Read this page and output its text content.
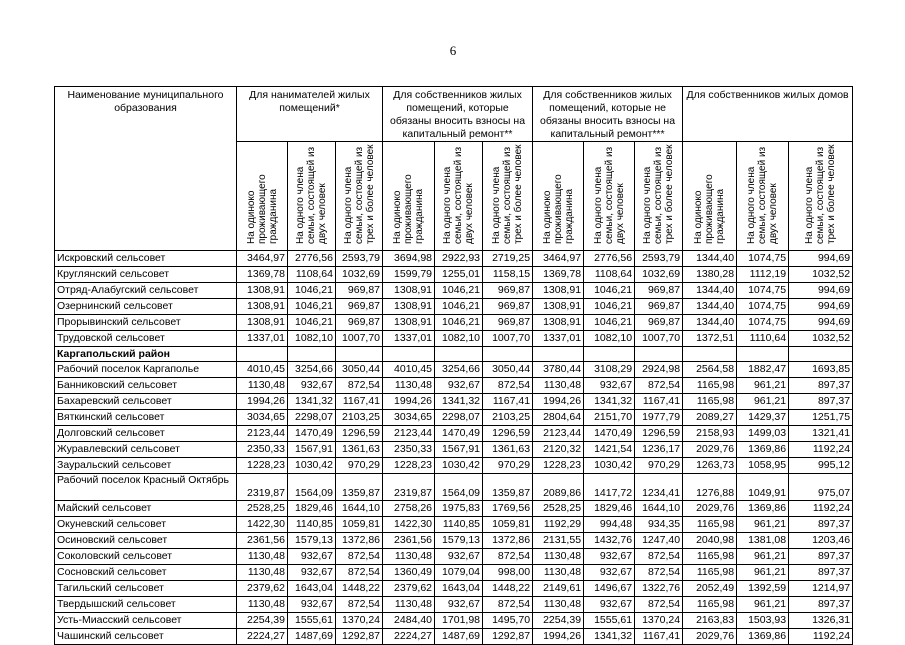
6
Наименование муниципального образования	Для нанимателей жилых помещений*			Для собственников жилых помещений, которые обязаны вносить взносы на капитальный ремонт**			Для собственников жилых помещений, которые не обязаны вносить взносы на капитальный ремонт***			Для собственников жилых домов		
	На одиноко проживающего гражданина	На одного члена семьи, состоящей из двух человек	На одного члена семьи, состоящей из трех и более человек	На одиноко проживающего гражданина	На одного члена семьи, состоящей из двух человек	На одного члена семьи, состоящей из трех и более человек	На одиноко проживающего гражданина	На одного члена семьи, состоящей из двух человек	На одного члена семьи, состоящей из трех и более человек	На одиноко проживающего гражданина	На одного члена семьи, состоящей из двух человек	На одного члена семьи, состоящей из трех и более человек
Искровский сельсовет	3464,97	2776,56	2593,79	3694,98	2922,93	2719,25	3464,97	2776,56	2593,79	1344,40	1074,75	994,69
Круглянский сельсовет	1369,78	1108,64	1032,69	1599,79	1255,01	1158,15	1369,78	1108,64	1032,69	1380,28	1112,19	1032,52
Отряд-Алабугский сельсовет	1308,91	1046,21	969,87	1308,91	1046,21	969,87	1308,91	1046,21	969,87	1344,40	1074,75	994,69
Озернинский сельсовет	1308,91	1046,21	969,87	1308,91	1046,21	969,87	1308,91	1046,21	969,87	1344,40	1074,75	994,69
Прорывинский сельсовет	1308,91	1046,21	969,87	1308,91	1046,21	969,87	1308,91	1046,21	969,87	1344,40	1074,75	994,69
Трудовской сельсовет	1337,01	1082,10	1007,70	1337,01	1082,10	1007,70	1337,01	1082,10	1007,70	1372,51	1110,64	1032,52
Каргапольский район												
Рабочий поселок Каргаполье	4010,45	3254,66	3050,44	4010,45	3254,66	3050,44	3780,44	3108,29	2924,98	2564,58	1882,47	1693,85
Банниковский сельсовет	1130,48	932,67	872,54	1130,48	932,67	872,54	1130,48	932,67	872,54	1165,98	961,21	897,37
Бахаревский сельсовет	1994,26	1341,32	1167,41	1994,26	1341,32	1167,41	1994,26	1341,32	1167,41	1165,98	961,21	897,37
Вяткинский сельсовет	3034,65	2298,07	2103,25	3034,65	2298,07	2103,25	2804,64	2151,70	1977,79	2089,27	1429,37	1251,75
Долговский сельсовет	2123,44	1470,49	1296,59	2123,44	1470,49	1296,59	2123,44	1470,49	1296,59	2158,93	1499,03	1321,41
Журавлевский сельсовет	2350,33	1567,91	1361,63	2350,33	1567,91	1361,63	2120,32	1421,54	1236,17	2029,76	1369,86	1192,24
Зауральский сельсовет	1228,23	1030,42	970,29	1228,23	1030,42	970,29	1228,23	1030,42	970,29	1263,73	1058,95	995,12
Рабочий поселок Красный Октябрь	2319,87	1564,09	1359,87	2319,87	1564,09	1359,87	2089,86	1417,72	1234,41	1276,88	1049,91	975,07
Майский сельсовет	2528,25	1829,46	1644,10	2758,26	1975,83	1769,56	2528,25	1829,46	1644,10	2029,76	1369,86	1192,24
Окуневский сельсовет	1422,30	1140,85	1059,81	1422,30	1140,85	1059,81	1192,29	994,48	934,35	1165,98	961,21	897,37
Осиновский сельсовет	2361,56	1579,13	1372,86	2361,56	1579,13	1372,86	2131,55	1432,76	1247,40	2040,98	1381,08	1203,46
Соколовский сельсовет	1130,48	932,67	872,54	1130,48	932,67	872,54	1130,48	932,67	872,54	1165,98	961,21	897,37
Сосновский сельсовет	1130,48	932,67	872,54	1360,49	1079,04	998,00	1130,48	932,67	872,54	1165,98	961,21	897,37
Тагильский сельсовет	2379,62	1643,04	1448,22	2379,62	1643,04	1448,22	2149,61	1496,67	1322,76	2052,49	1392,59	1214,97
Твердышский сельсовет	1130,48	932,67	872,54	1130,48	932,67	872,54	1130,48	932,67	872,54	1165,98	961,21	897,37
Усть-Миасский сельсовет	2254,39	1555,61	1370,24	2484,40	1701,98	1495,70	2254,39	1555,61	1370,24	2163,83	1503,93	1326,31
Чашинский сельсовет	2224,27	1487,69	1292,87	2224,27	1487,69	1292,87	1994,26	1341,32	1167,41	2029,76	1369,86	1192,24
